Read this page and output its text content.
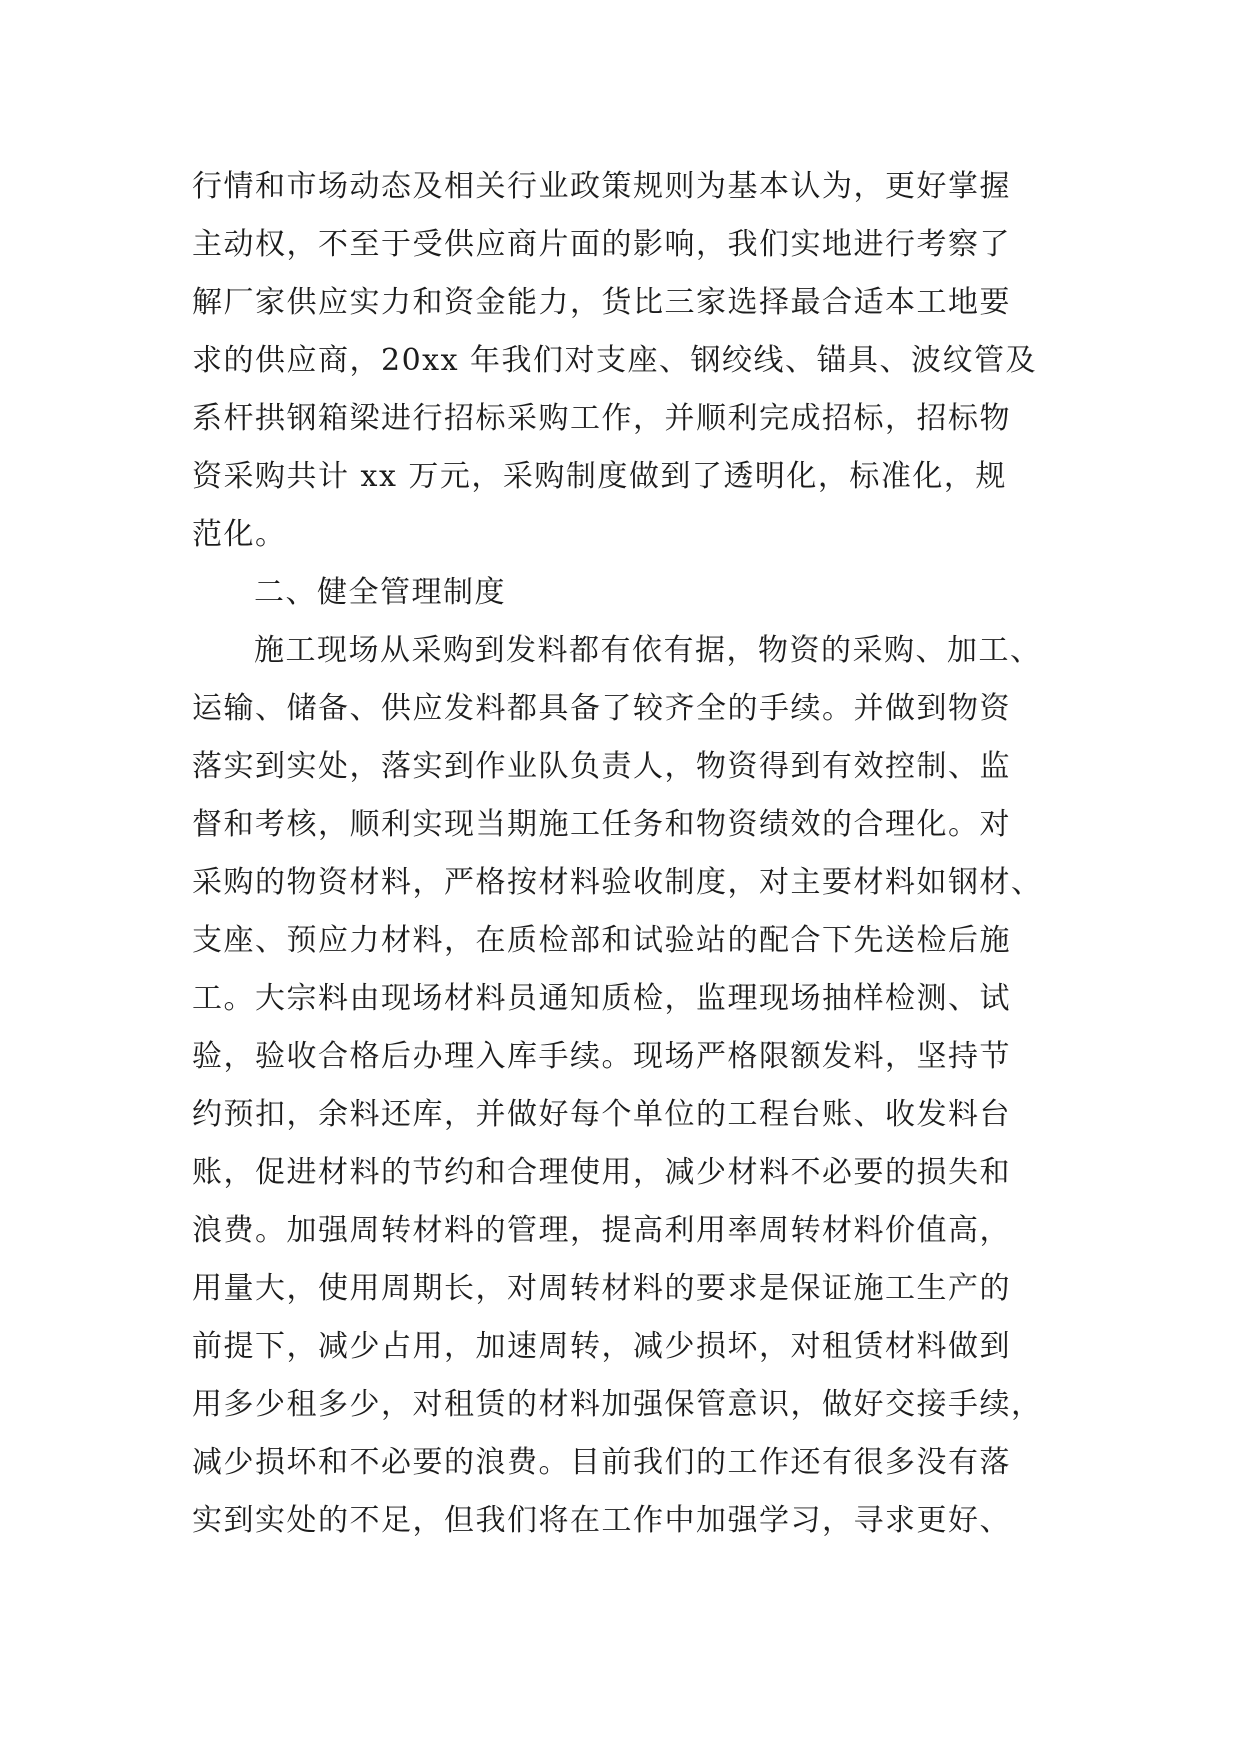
行情和市场动态及相关行业政策规则为基本认为，更好掌握
主动权，不至于受供应商片面的影响，我们实地进行考察了
解厂家供应实力和资金能力，货比三家选择最合适本工地要
求的供应商，20xx 年我们对支座、钢绞线、锚具、波纹管及
系杆拱钢箱梁进行招标采购工作，并顺利完成招标，招标物
资采购共计 xx 万元，采购制度做到了透明化，标准化，规
范化。
二、健全管理制度
施工现场从采购到发料都有依有据，物资的采购、加工、
运输、储备、供应发料都具备了较齐全的手续。并做到物资
落实到实处，落实到作业队负责人，物资得到有效控制、监
督和考核，顺利实现当期施工任务和物资绩效的合理化。对
采购的物资材料，严格按材料验收制度，对主要材料如钢材、
支座、预应力材料，在质检部和试验站的配合下先送检后施
工。大宗料由现场材料员通知质检，监理现场抽样检测、试
验，验收合格后办理入库手续。现场严格限额发料，坚持节
约预扣，余料还库，并做好每个单位的工程台账、收发料台
账，促进材料的节约和合理使用，减少材料不必要的损失和
浪费。加强周转材料的管理，提高利用率周转材料价值高，
用量大，使用周期长，对周转材料的要求是保证施工生产的
前提下，减少占用，加速周转，减少损坏，对租赁材料做到
用多少租多少，对租赁的材料加强保管意识，做好交接手续，
减少损坏和不必要的浪费。目前我们的工作还有很多没有落
实到实处的不足，但我们将在工作中加强学习，寻求更好、
